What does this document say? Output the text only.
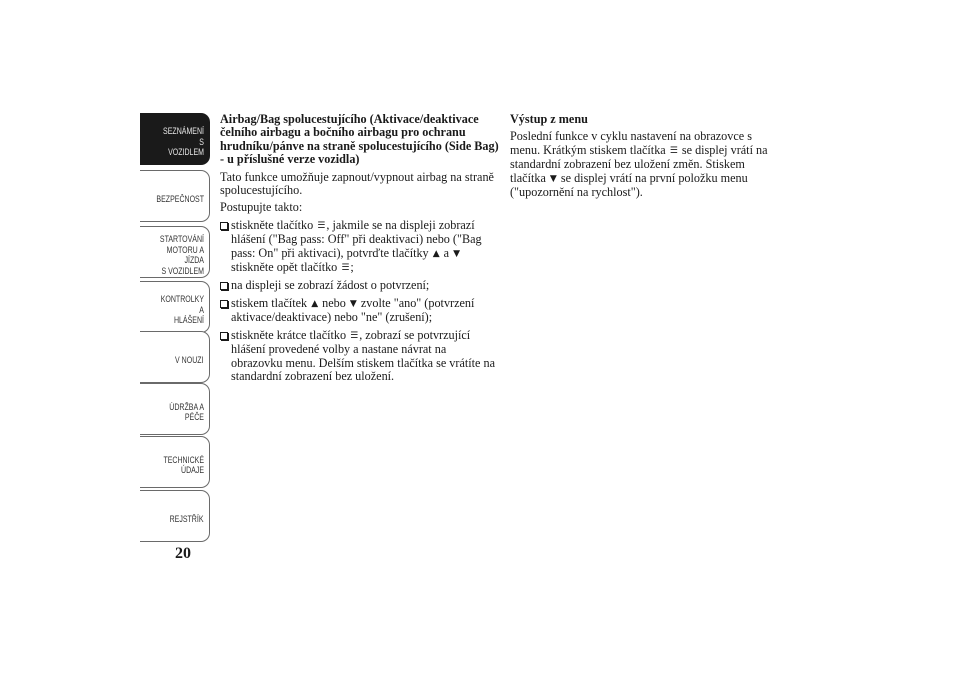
SEZNÁMENÍ S
VOZIDLEM
BEZPEČNOST
STARTOVÁNÍ
MOTORU A JÍZDA
S VOZIDLEM
KONTROLKY A
HLÁŠENÍ
V NOUZI
ÚDRŽBA A PÉČE
TECHNICKÉ
ÚDAJE
REJSTŘÍK
20
Airbag/Bag spolucestujícího (Aktivace/deaktivace čelního airbagu a bočního airbagu pro ochranu hrudníku/pánve na straně spolucestujícího (Side Bag) - u příslušné verze vozidla)

Tato funkce umožňuje zapnout/vypnout airbag na straně spolucestujícího.

Postupujte takto:

stiskněte tlačítko ☰, jakmile se na displeji zobrazí hlášení ("Bag pass: Off" při deaktivaci) nebo ("Bag pass: On" při aktivaci), potvrďte tlačítky ▲ a ▼ stiskněte opět tlačítko ☰;
na displeji se zobrazí žádost o potvrzení;
stiskem tlačítek ▲ nebo ▼ zvolte "ano" (potvrzení aktivace/deaktivace) nebo "ne" (zrušení);
stiskněte krátce tlačítko ☰, zobrazí se potvrzující hlášení provedené volby a nastane návrat na obrazovku menu. Delším stiskem tlačítka se vrátíte na standardní zobrazení bez uložení.
Výstup z menu

Poslední funkce v cyklu nastavení na obrazovce s menu. Krátkým stiskem tlačítka ☰ se displej vrátí na standardní zobrazení bez uložení změn. Stiskem tlačítka ▼ se displej vrátí na první položku menu ("upozornění na rychlost").
